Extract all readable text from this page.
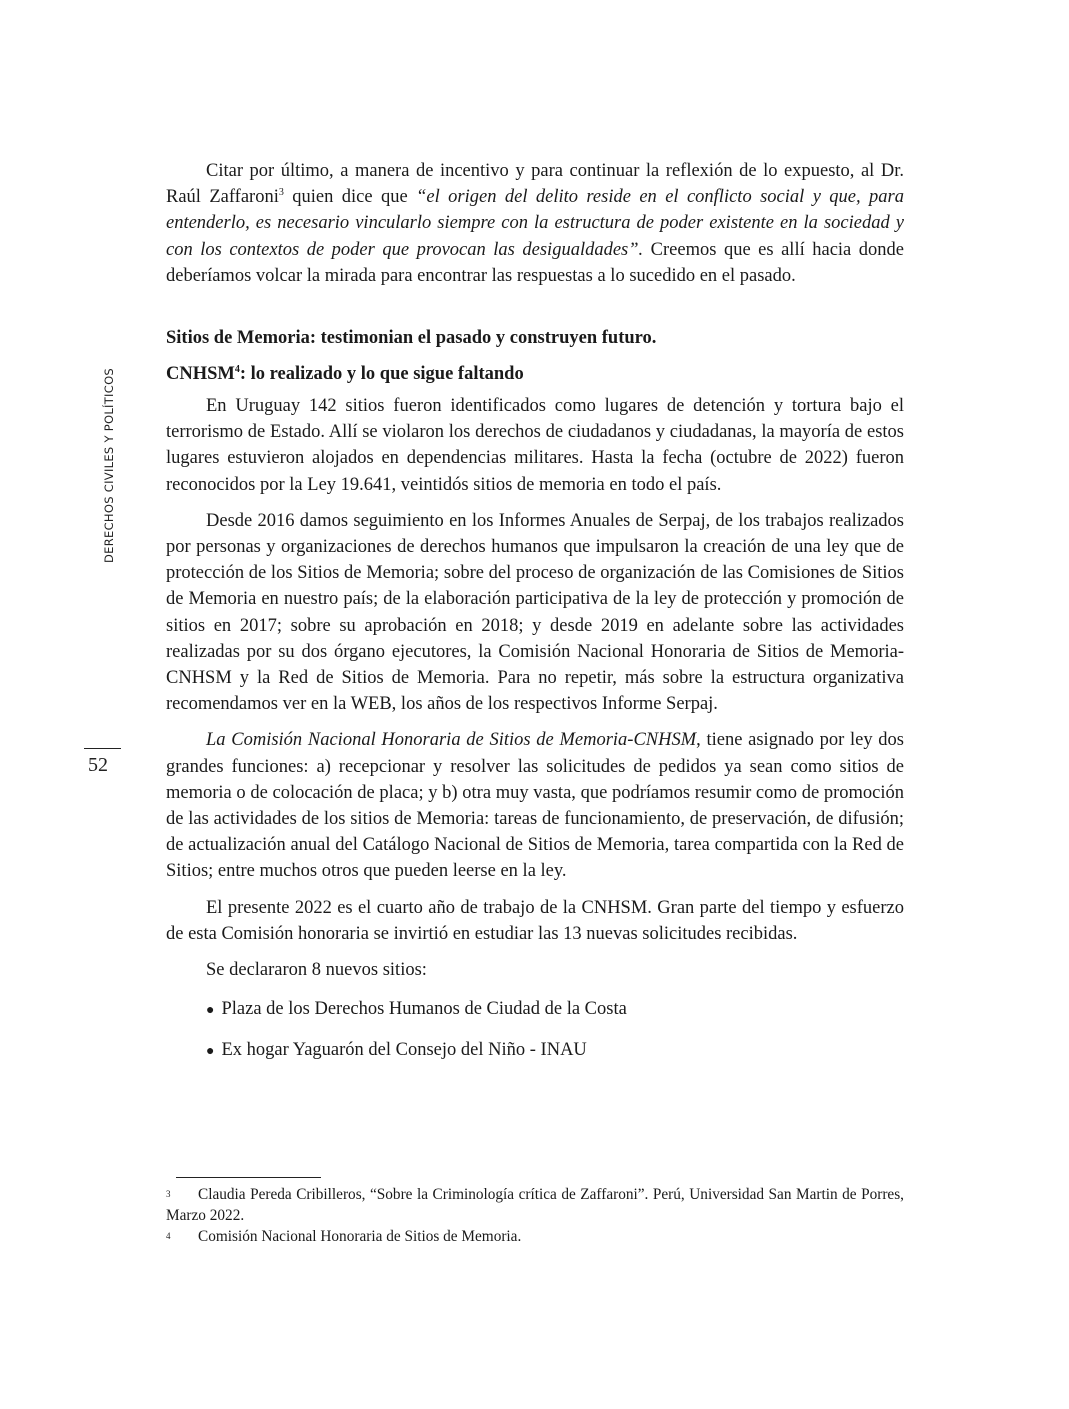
DERECHOS CIVILES Y POLÍTICOS
52

Citar por último, a manera de incentivo y para continuar la reflexión de lo expuesto, al Dr. Raúl Zaffaroni$^3$ quien dice que “el origen del delito reside en el conflicto social y que, para entenderlo, es necesario vincularlo siempre con la estructura de poder existente en la sociedad y con los contextos de poder que provocan las desigualdades”. Creemos que es allí hacia donde deberíamos volcar la mirada para encontrar las respuestas a lo sucedido en el pasado.

Sitios de Memoria: testimonian el pasado y construyen futuro.

CNHSM$^4$: lo realizado y lo que sigue faltando

En Uruguay 142 sitios fueron identificados como lugares de detención y tortura bajo el terrorismo de Estado. Allí se violaron los derechos de ciudadanos y ciudadanas, la mayoría de estos lugares estuvieron alojados en dependencias militares. Hasta la fecha (octubre de 2022) fueron reconocidos por la Ley 19.641, veintidós sitios de memoria en todo el país.

Desde 2016 damos seguimiento en los Informes Anuales de Serpaj, de los trabajos realizados por personas y organizaciones de derechos humanos que impulsaron la creación de una ley que de protección de los Sitios de Memoria; sobre del proceso de organización de las Comisiones de Sitios de Memoria en nuestro país; de la elaboración participativa de la ley de protección y promoción de sitios en 2017; sobre su aprobación en 2018; y desde 2019 en adelante sobre las actividades realizadas por su dos órgano ejecutores, la Comisión Nacional Honoraria de Sitios de Memoria-CNHSM y la Red de Sitios de Memoria. Para no repetir, más sobre la estructura organizativa recomendamos ver en la WEB, los años de los respectivos Informe Serpaj.

La Comisión Nacional Honoraria de Sitios de Memoria-CNHSM, tiene asignado por ley dos grandes funciones: a) recepcionar y resolver las solicitudes de pedidos ya sean como sitios de memoria o de colocación de placa; y b) otra muy vasta, que podríamos resumir como de promoción de las actividades de los sitios de Memoria: tareas de funcionamiento, de preservación, de difusión; de actualización anual del Catálogo Nacional de Sitios de Memoria, tarea compartida con la Red de Sitios; entre muchos otros que pueden leerse en la ley.

El presente 2022 es el cuarto año de trabajo de la CNHSM. Gran parte del tiempo y esfuerzo de esta Comisión honoraria se invirtió en estudiar las 13 nuevas solicitudes recibidas.

Se declararon 8 nuevos sitios:

● Plaza de los Derechos Humanos de Ciudad de la Costa
● Ex hogar Yaguarón del Consejo del Niño - INAU

3 Claudia Pereda Cribilleros, “Sobre la Criminología crítica de Zaffaroni”. Perú, Universidad San Martin de Porres, Marzo 2022.

4 Comisión Nacional Honoraria de Sitios de Memoria.
